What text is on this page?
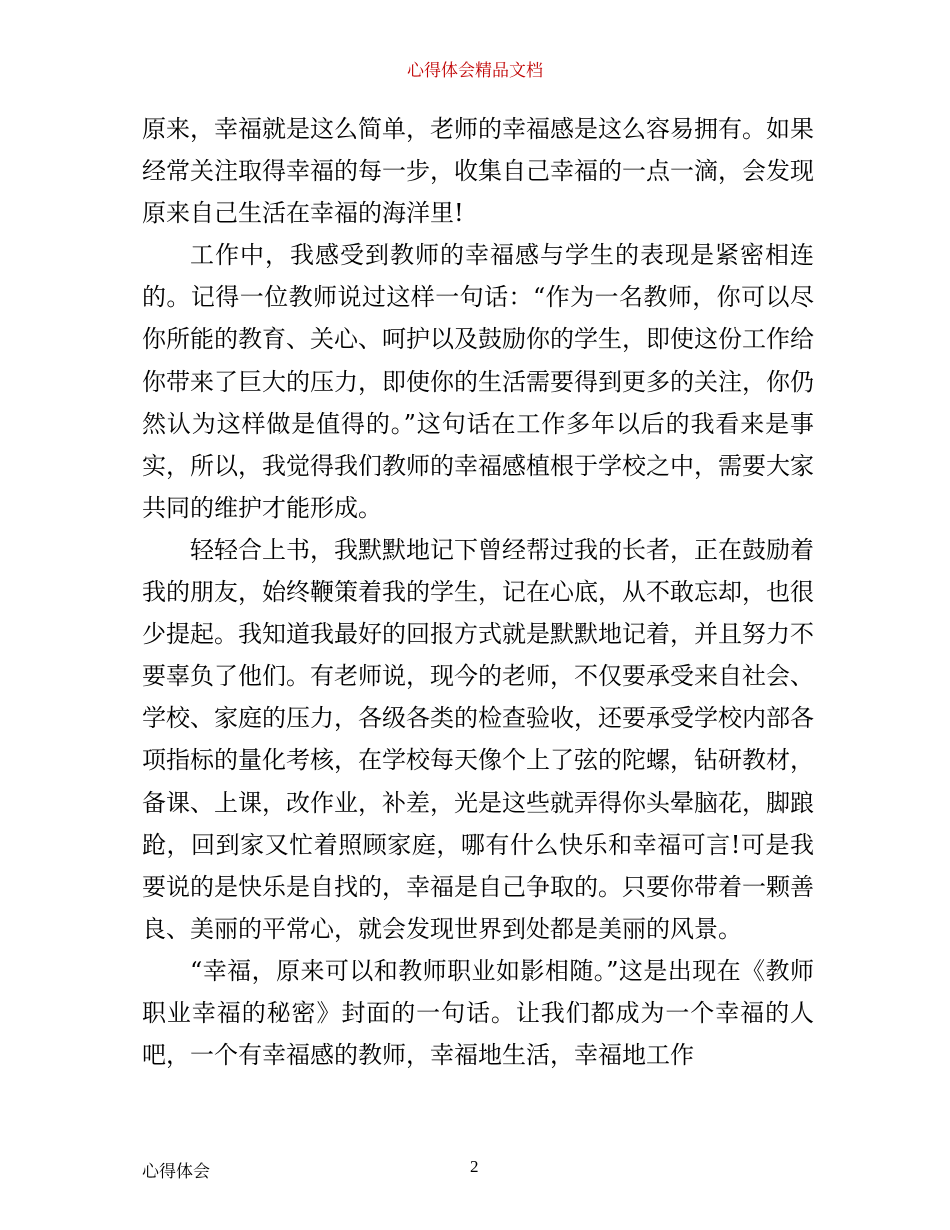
心得体会精品文档

原来，幸福就是这么简单，老师的幸福感是这么容易拥有。如果经常关注取得幸福的每一步，收集自己幸福的一点一滴，会发现原来自己生活在幸福的海洋里!

工作中，我感受到教师的幸福感与学生的表现是紧密相连的。记得一位教师说过这样一句话：“作为一名教师，你可以尽你所能的教育、关心、呵护以及鼓励你的学生，即使这份工作给你带来了巨大的压力，即使你的生活需要得到更多的关注，你仍然认为这样做是值得的。”这句话在工作多年以后的我看来是事实，所以，我觉得我们教师的幸福感植根于学校之中，需要大家共同的维护才能形成。

轻轻合上书，我默默地记下曾经帮过我的长者，正在鼓励着我的朋友，始终鞭策着我的学生，记在心底，从不敢忘却，也很少提起。我知道我最好的回报方式就是默默地记着，并且努力不要辜负了他们。有老师说，现今的老师，不仅要承受来自社会、学校、家庭的压力，各级各类的检查验收，还要承受学校内部各项指标的量化考核，在学校每天像个上了弦的陀螺，钻研教材，备课、上课，改作业，补差，光是这些就弄得你头晕脑花，脚踉跄，回到家又忙着照顾家庭，哪有什么快乐和幸福可言!可是我要说的是快乐是自找的，幸福是自己争取的。只要你带着一颗善良、美丽的平常心，就会发现世界到处都是美丽的风景。

“幸福，原来可以和教师职业如影相随。”这是出现在《教师职业幸福的秘密》封面的一句话。让我们都成为一个幸福的人吧，一个有幸福感的教师，幸福地生活，幸福地工作

心得体会	2
